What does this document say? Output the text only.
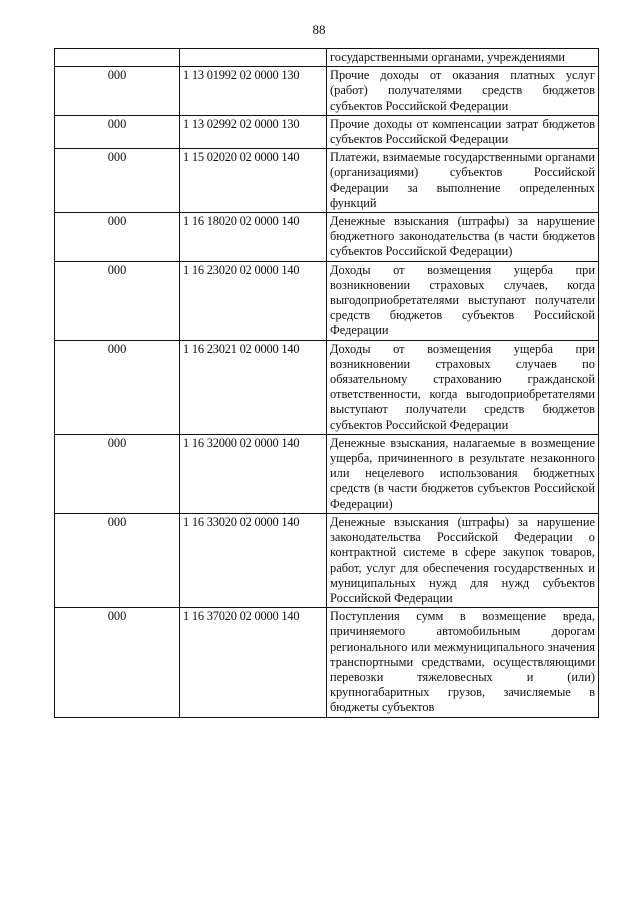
88
		государственными органами, учреждениями
000	1 13 01992 02 0000 130	Прочие доходы от оказания платных услуг (работ) получателями средств бюджетов субъектов Российской Федерации
000	1 13 02992 02 0000 130	Прочие доходы от компенсации затрат бюджетов субъектов Российской Федерации
000	1 15 02020 02 0000 140	Платежи, взимаемые государственными органами (организациями) субъектов Российской Федерации за выполнение определенных функций
000	1 16 18020 02 0000 140	Денежные взыскания (штрафы) за нарушение бюджетного законодательства (в части бюджетов субъектов Российской Федерации)
000	1 16 23020 02 0000 140	Доходы от возмещения ущерба при возникновении страховых случаев, когда выгодоприобретателями выступают получатели средств бюджетов субъектов Российской Федерации
000	1 16 23021 02 0000 140	Доходы от возмещения ущерба при возникновении страховых случаев по обязательному страхованию гражданской ответственности, когда выгодоприобретателями выступают получатели средств бюджетов субъектов Российской Федерации
000	1 16 32000 02 0000 140	Денежные взыскания, налагаемые в возмещение ущерба, причиненного в результате незаконного или нецелевого использования бюджетных средств (в части бюджетов субъектов Российской Федерации)
000	1 16 33020 02 0000 140	Денежные взыскания (штрафы) за нарушение законодательства Российской Федерации о контрактной системе в сфере закупок товаров, работ, услуг для обеспечения государственных и муниципальных нужд для нужд субъектов Российской Федерации
000	1 16 37020 02 0000 140	Поступления сумм в возмещение вреда, причиняемого автомобильным дорогам регионального или межмуниципального значения транспортными средствами, осуществляющими перевозки тяжеловесных и (или) крупногабаритных грузов, зачисляемые в бюджеты субъектов
